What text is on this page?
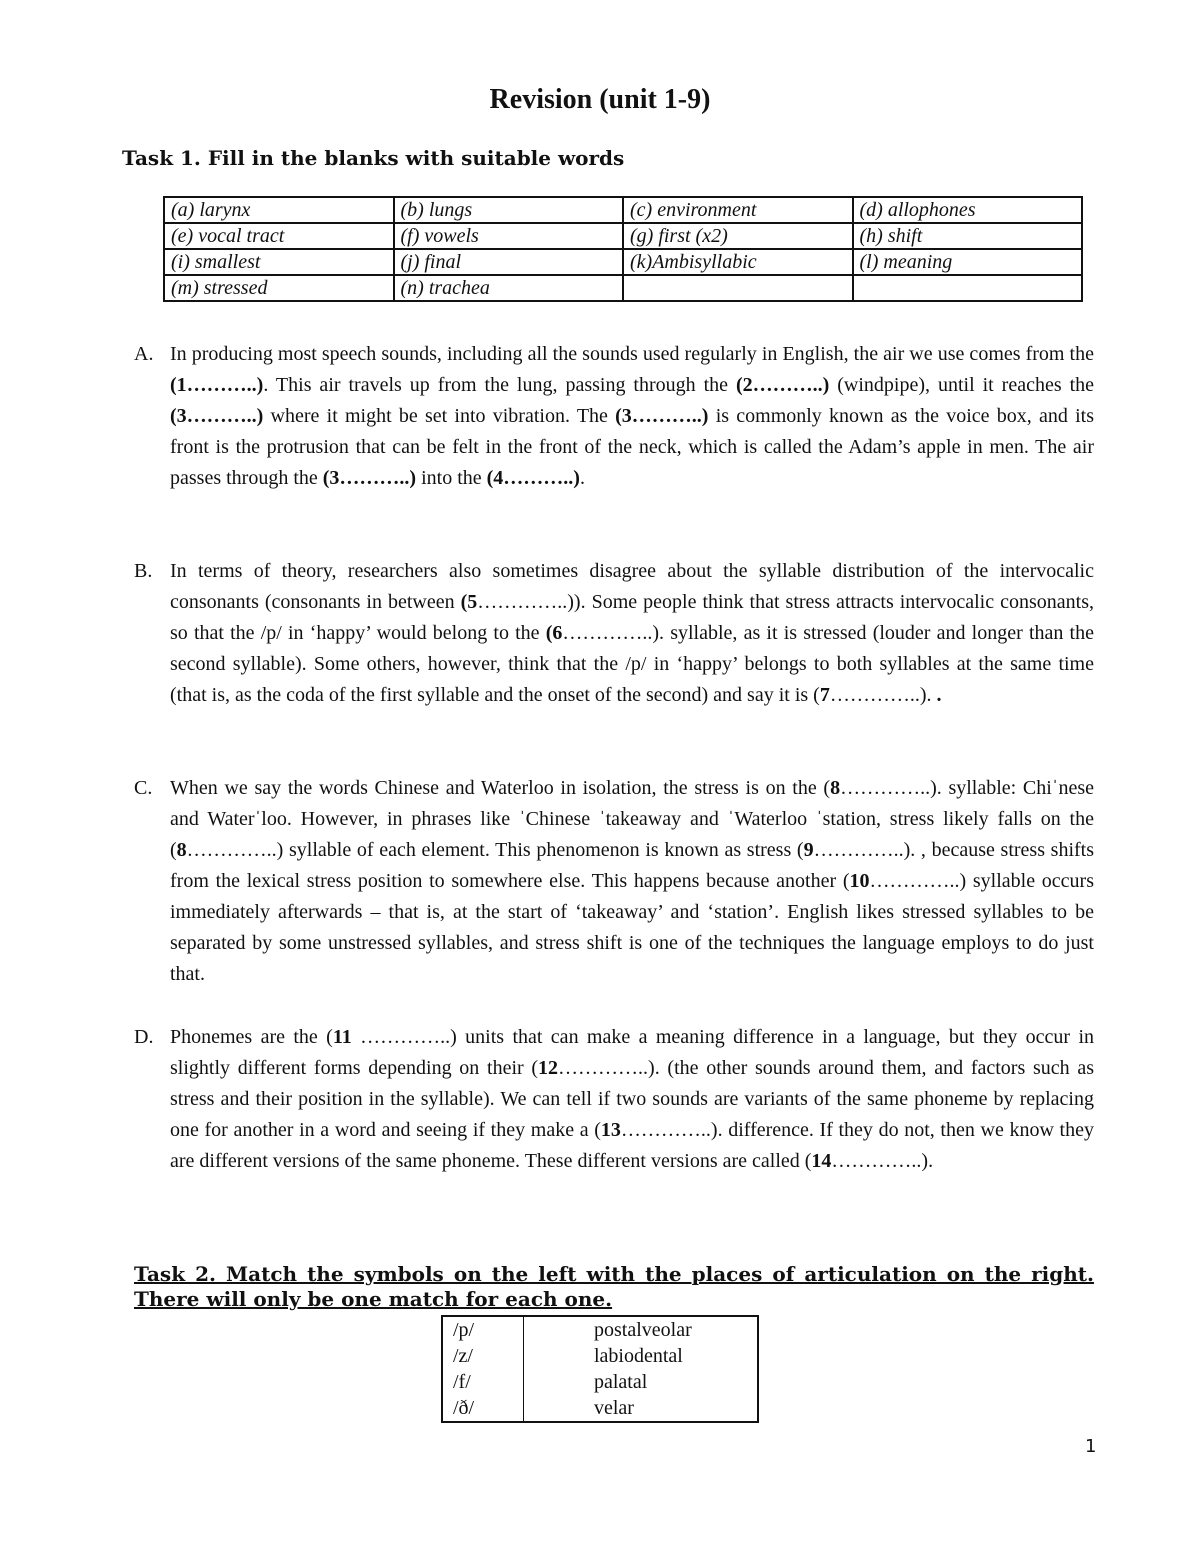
Revision (unit 1-9)
Task 1. Fill in the blanks with suitable words
(a) larynx	(b) lungs	(c) environment	(d) allophones
(e) vocal tract	(f) vowels	(g) first (x2)	(h) shift
(i) smallest	(j) final	(k)Ambisyllabic	(l) meaning
(m) stressed	(n) trachea		
A. In producing most speech sounds, including all the sounds used regularly in English, the air we use comes from the (1………..). This air travels up from the lung, passing through the (2………..) (windpipe), until it reaches the (3………..) where it might be set into vibration. The (3………..) is commonly known as the voice box, and its front is the protrusion that can be felt in the front of the neck, which is called the Adam’s apple in men. The air passes through the (3………..) into the (4………..).
B. In terms of theory, researchers also sometimes disagree about the syllable distribution of the intervocalic consonants (consonants in between (5…………..)). Some people think that stress attracts intervocalic consonants, so that the /p/ in ‘happy’ would belong to the (6…………..). syllable, as it is stressed (louder and longer than the second syllable). Some others, however, think that the /p/ in ‘happy’ belongs to both syllables at the same time (that is, as the coda of the first syllable and the onset of the second) and say it is (7…………..). .
C. When we say the words Chinese and Waterloo in isolation, the stress is on the (8…………..). syllable: Chiˈnese and Waterˈloo. However, in phrases like ˈChinese ˈtakeaway and ˈWaterloo ˈstation, stress likely falls on the (8…………..) syllable of each element. This phenomenon is known as stress (9…………..). , because stress shifts from the lexical stress position to somewhere else. This happens because another (10…………..) syllable occurs immediately afterwards – that is, at the start of ‘takeaway’ and ‘station’. English likes stressed syllables to be separated by some unstressed syllables, and stress shift is one of the techniques the language employs to do just that.
D. Phonemes are the (11 …………..) units that can make a meaning difference in a language, but they occur in slightly different forms depending on their (12…………..). (the other sounds around them, and factors such as stress and their position in the syllable). We can tell if two sounds are variants of the same phoneme by replacing one for another in a word and seeing if they make a (13…………..). difference. If they do not, then we know they are different versions of the same phoneme. These different versions are called (14…………..).
Task 2. Match the symbols on the left with the places of articulation on the right. There will only be one match for each one.
/p/	postalveolar
/z/	labiodental
/f/	palatal
/ð/	velar
1
